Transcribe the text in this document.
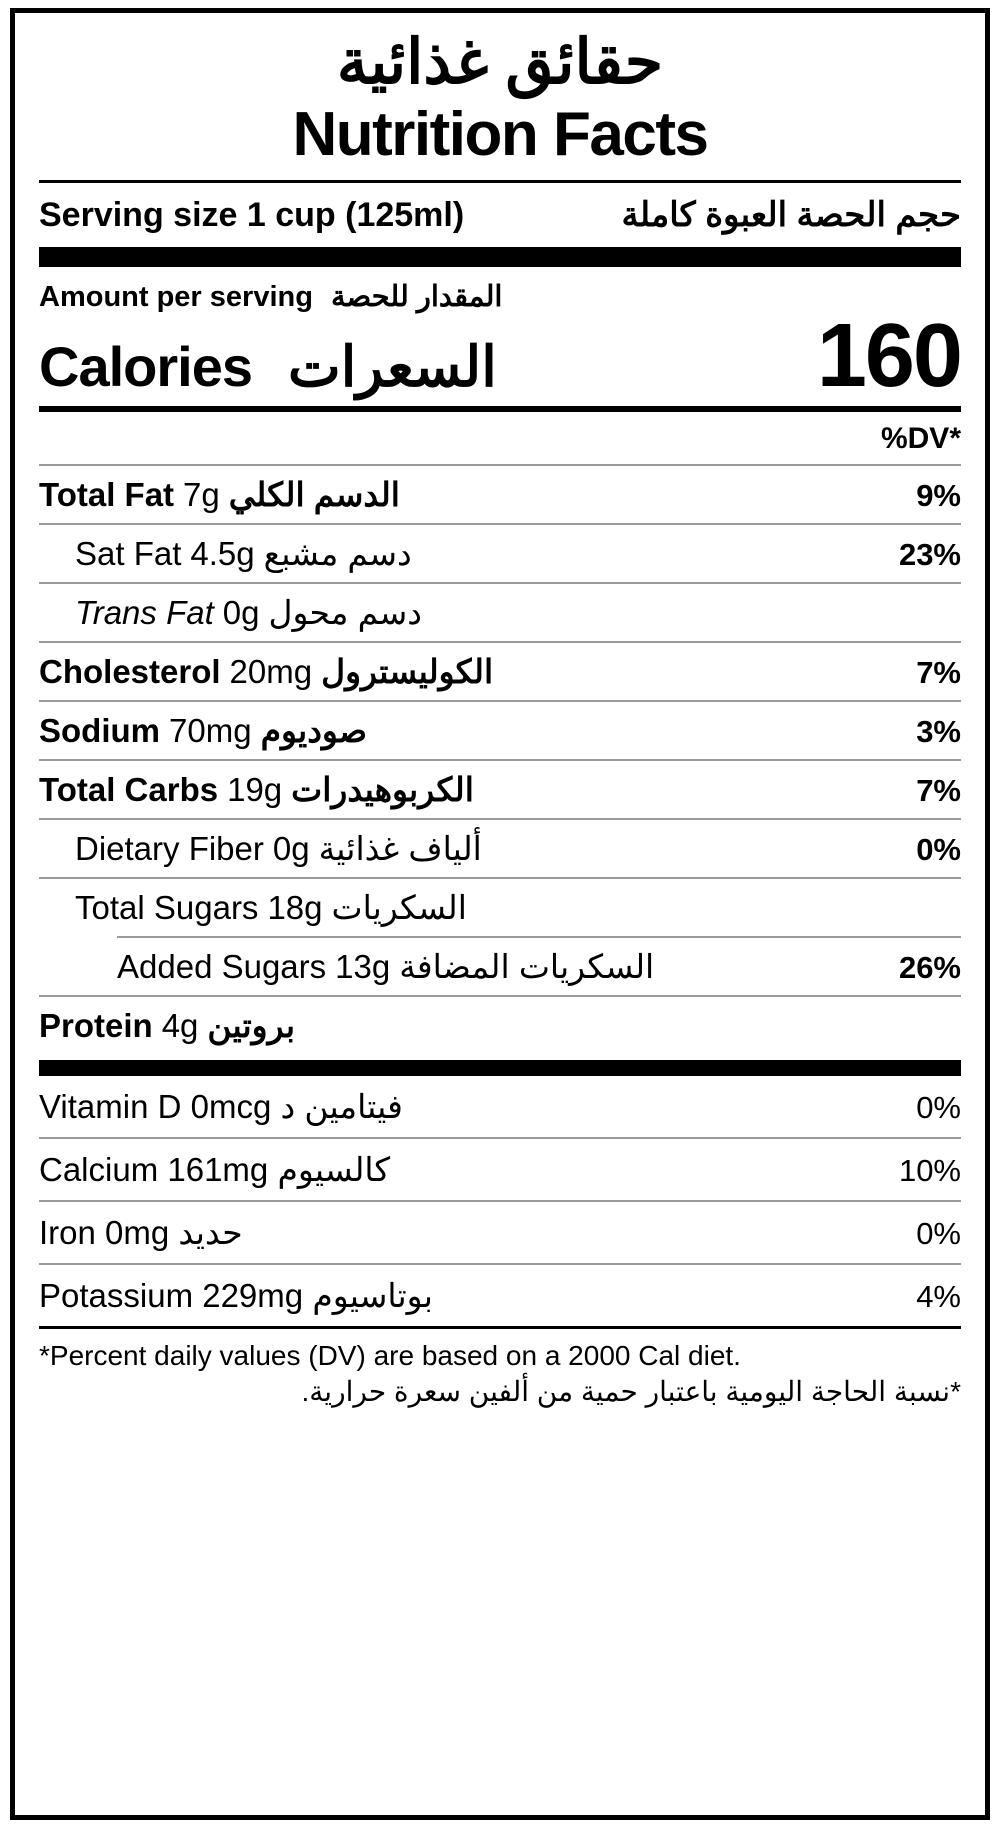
حقائق غذائية
Nutrition Facts
Serving size 1 cup (125ml)	حجم الحصة العبوة كاملة
Amount per serving المقدار للحصة
Calories السعرات	160
%DV*
Total Fat 7g الدسم الكلي	9%
Sat Fat 4.5g دسم مشبع	23%
Trans Fat 0g دسم محول
Cholesterol 20mg الكوليسترول	7%
Sodium 70mg صوديوم	3%
Total Carbs 19g الكربوهيدرات	7%
Dietary Fiber 0g ألياف غذائية	0%
Total Sugars 18g السكريات
Added Sugars 13g السكريات المضافة	26%
Protein 4g بروتين
Vitamin D 0mcg فيتامين د	0%
Calcium 161mg كالسيوم	10%
Iron 0mg حديد	0%
Potassium 229mg بوتاسيوم	4%
*Percent daily values (DV) are based on a 2000 Cal diet.
*نسبة الحاجة اليومية باعتبار حمية من ألفين سعرة حرارية.
